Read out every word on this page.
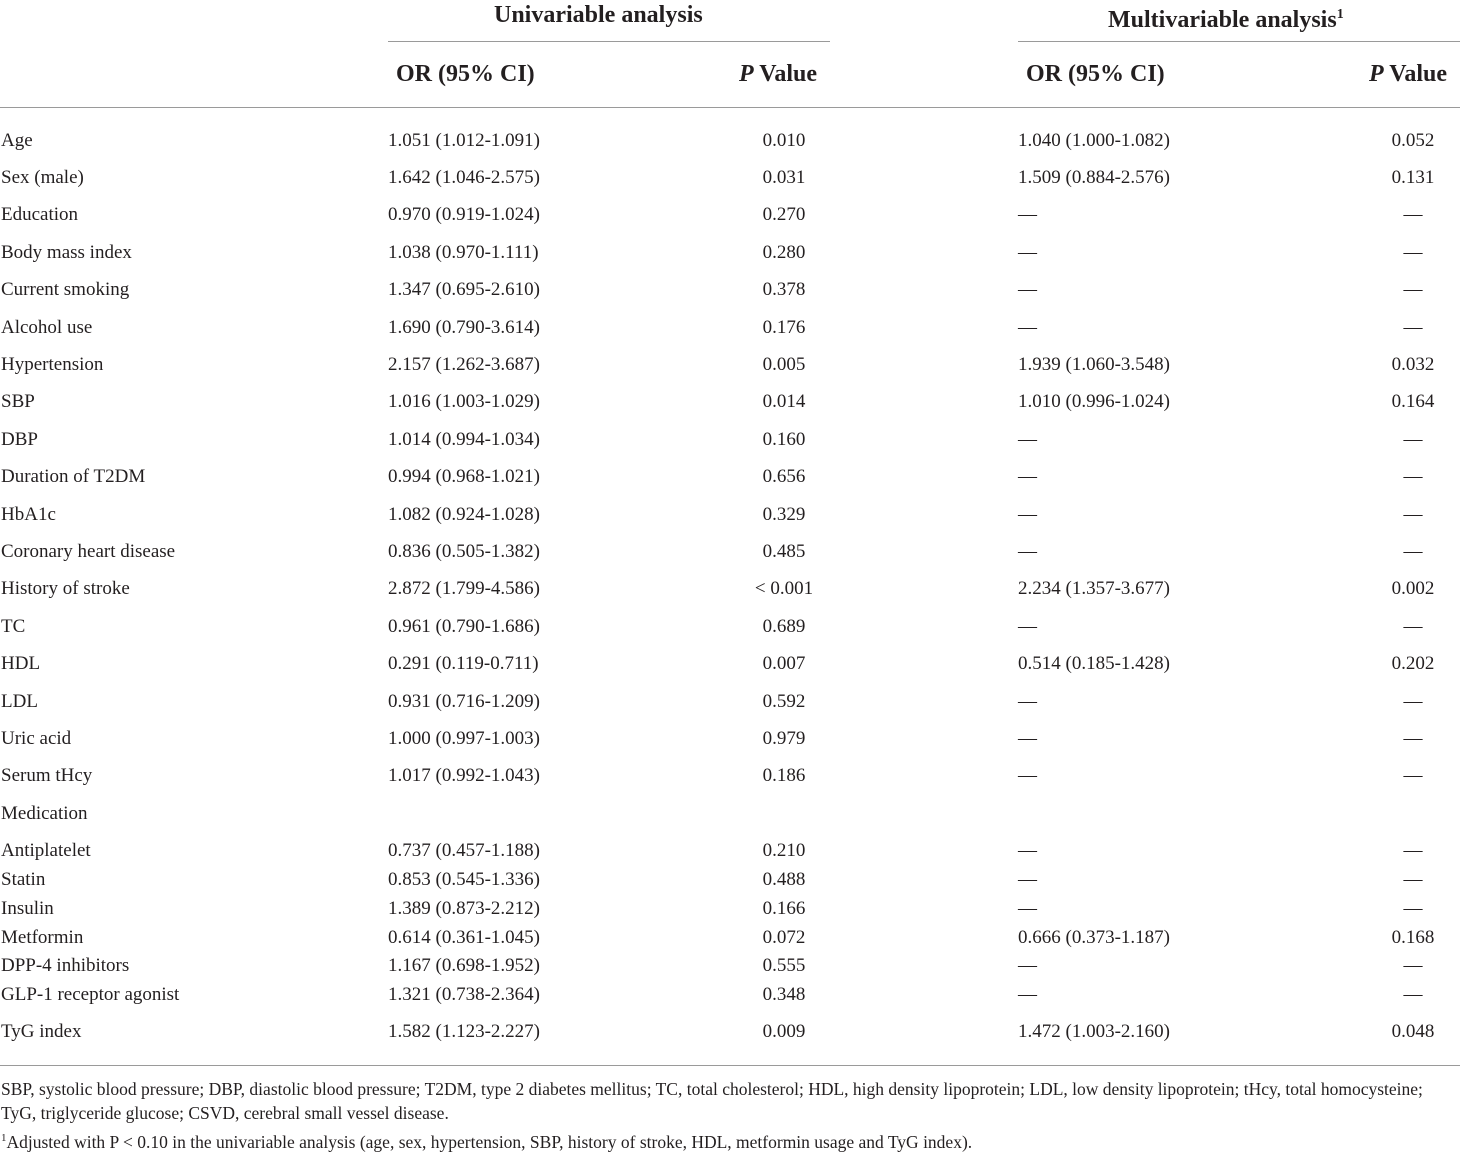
Univariable analysis	Multivariable analysis$^1$
OR (95% CI)	P Value	OR (95% CI)	P Value
Age	1.051 (1.012-1.091)	0.010	1.040 (1.000-1.082)	0.052
Sex (male)	1.642 (1.046-2.575)	0.031	1.509 (0.884-2.576)	0.131
Education	0.970 (0.919-1.024)	0.270	—	—
Body mass index	1.038 (0.970-1.111)	0.280	—	—
Current smoking	1.347 (0.695-2.610)	0.378	—	—
Alcohol use	1.690 (0.790-3.614)	0.176	—	—
Hypertension	2.157 (1.262-3.687)	0.005	1.939 (1.060-3.548)	0.032
SBP	1.016 (1.003-1.029)	0.014	1.010 (0.996-1.024)	0.164
DBP	1.014 (0.994-1.034)	0.160	—	—
Duration of T2DM	0.994 (0.968-1.021)	0.656	—	—
HbA1c	1.082 (0.924-1.028)	0.329	—	—
Coronary heart disease	0.836 (0.505-1.382)	0.485	—	—
History of stroke	2.872 (1.799-4.586)	< 0.001	2.234 (1.357-3.677)	0.002
TC	0.961 (0.790-1.686)	0.689	—	—
HDL	0.291 (0.119-0.711)	0.007	0.514 (0.185-1.428)	0.202
LDL	0.931 (0.716-1.209)	0.592	—	—
Uric acid	1.000 (0.997-1.003)	0.979	—	—
Serum tHcy	1.017 (0.992-1.043)	0.186	—	—
Medication
Antiplatelet	0.737 (0.457-1.188)	0.210	—	—
Statin	0.853 (0.545-1.336)	0.488	—	—
Insulin	1.389 (0.873-2.212)	0.166	—	—
Metformin	0.614 (0.361-1.045)	0.072	0.666 (0.373-1.187)	0.168
DPP-4 inhibitors	1.167 (0.698-1.952)	0.555	—	—
GLP-1 receptor agonist	1.321 (0.738-2.364)	0.348	—	—
TyG index	1.582 (1.123-2.227)	0.009	1.472 (1.003-2.160)	0.048
SBP, systolic blood pressure; DBP, diastolic blood pressure; T2DM, type 2 diabetes mellitus; TC, total cholesterol; HDL, high density lipoprotein; LDL, low density lipoprotein; tHcy, total homocysteine; TyG, triglyceride glucose; CSVD, cerebral small vessel disease.
$^1$Adjusted with P < 0.10 in the univariable analysis (age, sex, hypertension, SBP, history of stroke, HDL, metformin usage and TyG index).
